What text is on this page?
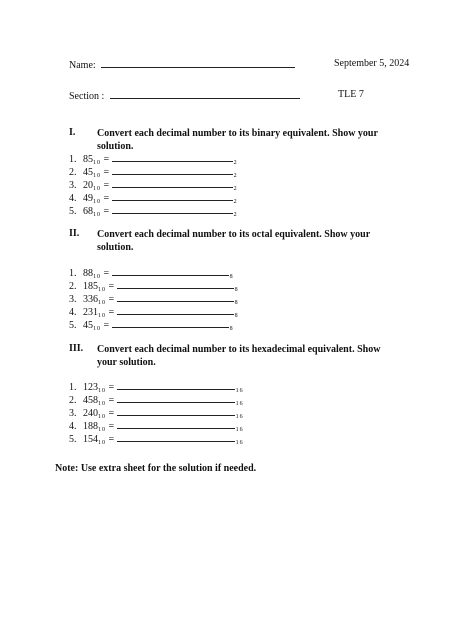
Name:	September 5, 2024
Section :	TLE 7
I. Convert each decimal number to its binary equivalent. Show your solution.
1. $85_{10}$ =	$_2$
2. $45_{10}$ =	$_2$
3. $20_{10}$ =	$_2$
4. $49_{10}$ =	$_2$
5. $68_{10}$ =	$_2$
II. Convert each decimal number to its octal equivalent. Show your solution.
1. $88_{10}$ =	$_8$
2. $185_{10}$ =	$_8$
3. $336_{10}$ =	$_8$
4. $231_{10}$ =	$_8$
5. $45_{10}$ =	$_8$
III. Convert each decimal number to its hexadecimal equivalent. Show your solution.
1. $123_{10}$ =	$_{16}$
2. $458_{10}$ =	$_{16}$
3. $240_{10}$ =	$_{16}$
4. $188_{10}$ =	$_{16}$
5. $154_{10}$ =	$_{16}$
Note: Use extra sheet for the solution if needed.
